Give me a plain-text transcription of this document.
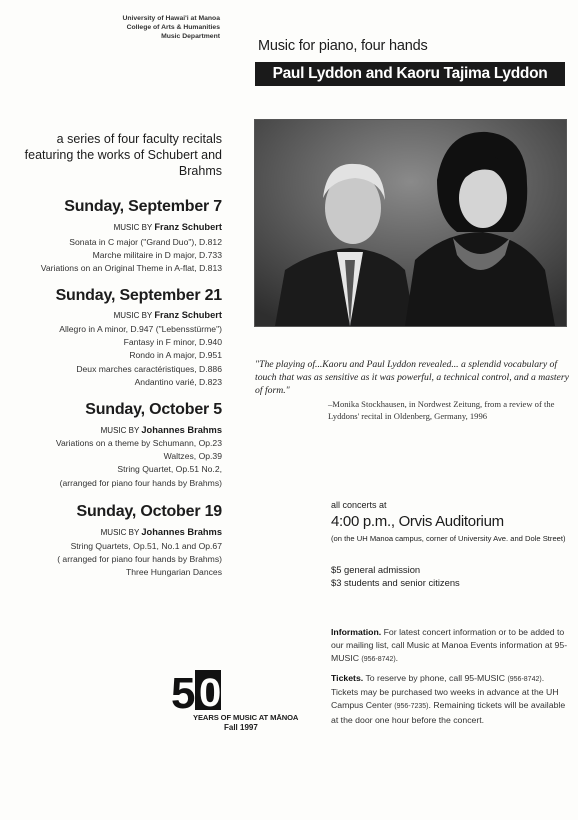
University of Hawai'i at Manoa
College of Arts & Humanities
Music Department
Music for piano, four hands
Paul Lyddon and Kaoru Tajima Lyddon
a series of four faculty recitals
featuring the works of Schubert and Brahms
Sunday, September 7
MUSIC BY Franz Schubert
Sonata in C major ("Grand Duo"), D.812
Marche militaire in D major, D.733
Variations on an Original Theme in A-flat, D.813
Sunday, September 21
MUSIC BY Franz Schubert
Allegro in A minor, D.947 ("Lebensstürme")
Fantasy in F minor, D.940
Rondo in A major, D.951
Deux marches caractéristiques, D.886
Andantino varié, D.823
Sunday, October 5
MUSIC BY Johannes Brahms
Variations on a theme by Schumann, Op.23
Waltzes, Op.39
String Quartet, Op.51 No.2,
(arranged for piano four hands by Brahms)
Sunday, October 19
MUSIC BY Johannes Brahms
String Quartets, Op.51, No.1 and Op.67
( arranged for piano four hands by Brahms)
Three Hungarian Dances
"The playing of...Kaoru and Paul Lyddon revealed... a splendid vocabulary of touch that was as sensitive as it was powerful, a technical control, and a mastery of form."
–Monika Stockhausen, in Nordwest Zeitung, from a review of the Lyddons' recital in Oldenberg, Germany, 1996
all concerts at
4:00 p.m., Orvis Auditorium
(on the UH Manoa campus, corner of University Ave. and Dole Street)
$5 general admission
$3 students and senior citizens
Information. For latest concert information or to be added to our mailing list, call Music at Manoa Events information at 95-MUSIC (956-8742).
Tickets. To reserve by phone, call 95-MUSIC (956-8742). Tickets may be purchased two weeks in advance at the UH Campus Center (956-7235). Remaining tickets will be available at the door one hour before the concert.
5 0
YEARS OF MUSIC AT MĀNOA
Fall 1997
